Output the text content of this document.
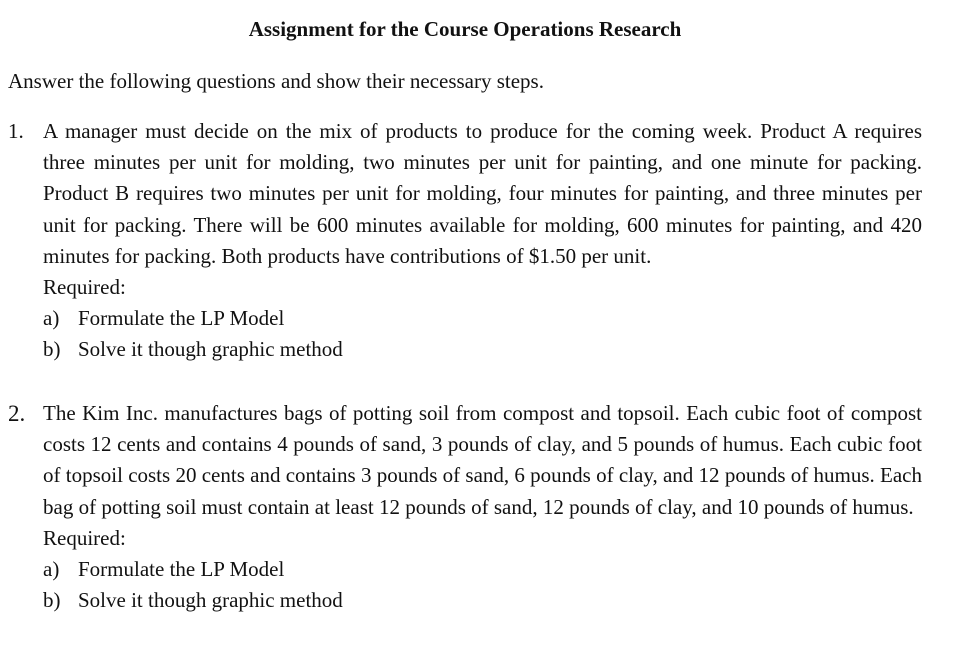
Assignment for the Course Operations Research
Answer the following questions and show their necessary steps.
1. A manager must decide on the mix of products to produce for the coming week. Product A requires three minutes per unit for molding, two minutes per unit for painting, and one minute for packing. Product B requires two minutes per unit for molding, four minutes for painting, and three minutes per unit for packing. There will be 600 minutes available for molding, 600 minutes for painting, and 420 minutes for packing. Both products have contributions of $1.50 per unit.

Required:

a) Formulate the LP Model
b) Solve it though graphic method
2. The Kim Inc. manufactures bags of potting soil from compost and topsoil. Each cubic foot of compost costs 12 cents and contains 4 pounds of sand, 3 pounds of clay, and 5 pounds of humus. Each cubic foot of topsoil costs 20 cents and contains 3 pounds of sand, 6 pounds of clay, and 12 pounds of humus. Each bag of potting soil must contain at least 12 pounds of sand, 12 pounds of clay, and 10 pounds of humus.

Required:

a) Formulate the LP Model
b) Solve it though graphic method
